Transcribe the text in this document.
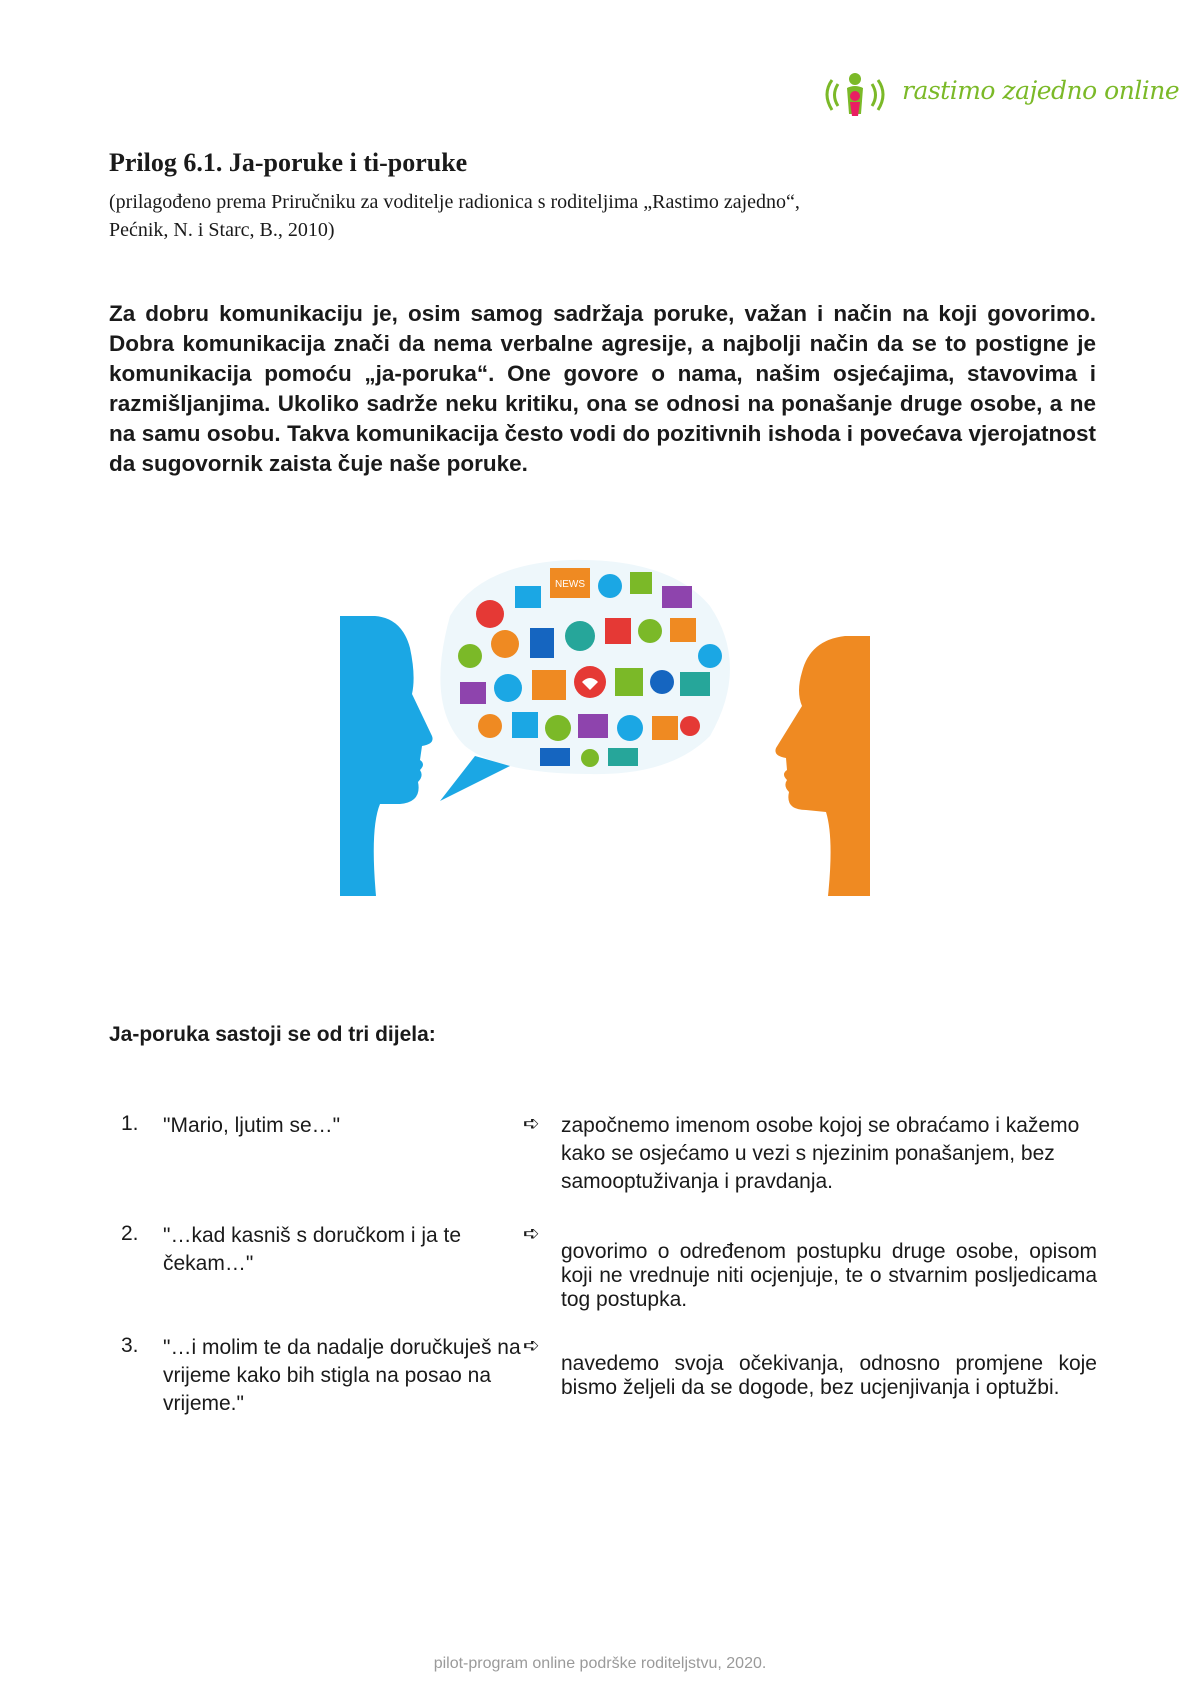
rastimo zajedno online
Prilog 6.1. Ja-poruke i ti-poruke
(prilagođeno prema Priručniku za voditelje radionica s roditeljima „Rastimo zajedno“,
Pećnik, N. i Starc, B., 2010)
Za dobru komunikaciju je, osim samog sadržaja poruke, važan i način na koji govorimo. Dobra komunikacija znači da nema verbalne agresije, a najbolji način da se to postigne je komunikacija pomoću „ja-poruka“. One govore o nama, našim osjećajima, stavovima i razmišljanjima. Ukoliko sadrže neku kritiku, ona se odnosi na ponašanje druge osobe, a ne na samu osobu. Takva komunikacija često vodi do pozitivnih ishoda i povećava vjerojatnost da sugovornik zaista čuje naše poruke.
NEWS
Ja-poruka sastoji se od tri dijela:
1. "Mario, ljutim se…"	➪ započnemo imenom osobe kojoj se obraćamo i kažemo kako se osjećamo u vezi s njezinim ponašanjem, bez samooptuživanja i pravdanja.
2. "…kad kasniš s doručkom i ja te čekam…"
➪
govorimo o određenom postupku druge osobe, opisom koji ne vrednuje niti ocjenjuje, te o stvarnim posljedicama tog postupka.
3. "…i molim te da nadalje doručkuješ na vrijeme kako bih stigla na posao na vrijeme."
➪
navedemo svoja očekivanja, odnosno promjene koje bismo željeli da se dogode, bez ucjenjivanja i optužbi.
pilot-program online podrške roditeljstvu, 2020.
